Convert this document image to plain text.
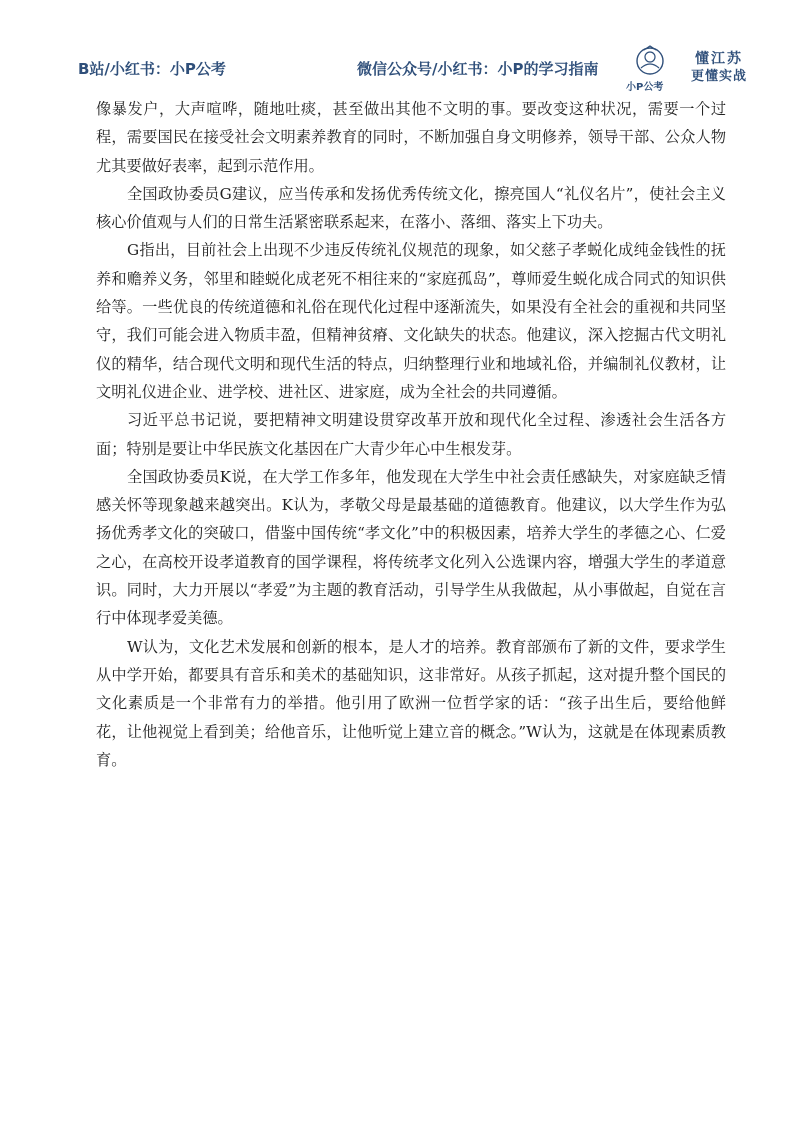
B站/小红书：小P公考	微信公众号/小红书：小P的学习指南
小P公考
懂江苏
更懂实战

像暴发户，大声喧哗，随地吐痰，甚至做出其他不文明的事。要改变这种状况，需要一个过程，需要国民在接受社会文明素养教育的同时，不断加强自身文明修养，领导干部、公众人物尤其要做好表率，起到示范作用。

全国政协委员G建议，应当传承和发扬优秀传统文化，擦亮国人“礼仪名片”，使社会主义核心价值观与人们的日常生活紧密联系起来，在落小、落细、落实上下功夫。

G指出，目前社会上出现不少违反传统礼仪规范的现象，如父慈子孝蜕化成纯金钱性的抚养和赡养义务，邻里和睦蜕化成老死不相往来的“家庭孤岛”，尊师爱生蜕化成合同式的知识供给等。一些优良的传统道德和礼俗在现代化过程中逐渐流失，如果没有全社会的重视和共同坚守，我们可能会进入物质丰盈，但精神贫瘠、文化缺失的状态。他建议，深入挖掘古代文明礼仪的精华，结合现代文明和现代生活的特点，归纳整理行业和地域礼俗，并编制礼仪教材，让文明礼仪进企业、进学校、进社区、进家庭，成为全社会的共同遵循。

习近平总书记说，要把精神文明建设贯穿改革开放和现代化全过程、渗透社会生活各方面；特别是要让中华民族文化基因在广大青少年心中生根发芽。

全国政协委员K说，在大学工作多年，他发现在大学生中社会责任感缺失，对家庭缺乏情感关怀等现象越来越突出。K认为，孝敬父母是最基础的道德教育。他建议，以大学生作为弘扬优秀孝文化的突破口，借鉴中国传统“孝文化”中的积极因素，培养大学生的孝德之心、仁爱之心，在高校开设孝道教育的国学课程，将传统孝文化列入公选课内容，增强大学生的孝道意识。同时，大力开展以“孝爱”为主题的教育活动，引导学生从我做起，从小事做起，自觉在言行中体现孝爱美德。

W认为，文化艺术发展和创新的根本，是人才的培养。教育部颁布了新的文件，要求学生从中学开始，都要具有音乐和美术的基础知识，这非常好。从孩子抓起，这对提升整个国民的文化素质是一个非常有力的举措。他引用了欧洲一位哲学家的话：“孩子出生后，要给他鲜花，让他视觉上看到美；给他音乐，让他听觉上建立音的概念。”W认为，这就是在体现素质教育。
